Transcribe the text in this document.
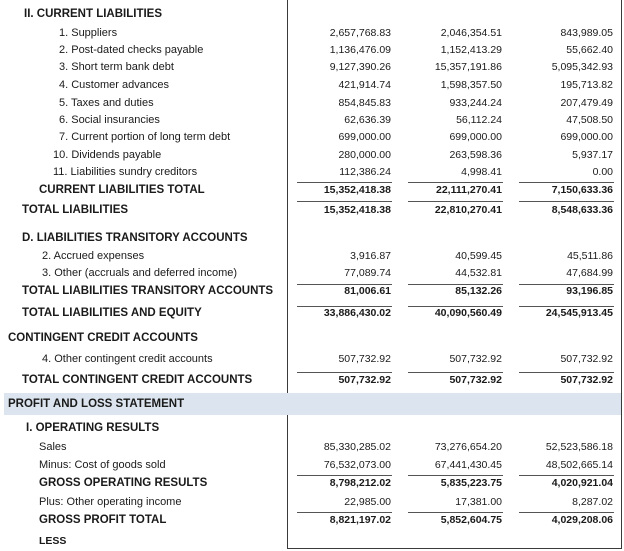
II. CURRENT LIABILITIES
1. Suppliers	2,657,768.83	2,046,354.51	843,989.05
2. Post-dated checks payable	1,136,476.09	1,152,413.29	55,662.40
3. Short term bank debt	9,127,390.26	15,357,191.86	5,095,342.93
4. Customer advances	421,914.74	1,598,357.50	195,713.82
5. Taxes and duties	854,845.83	933,244.24	207,479.49
6. Social insurancies	62,636.39	56,112.24	47,508.50
7. Current portion of long term debt	699,000.00	699,000.00	699,000.00
10. Dividends payable	280,000.00	263,598.36	5,937.17
11. Liabilities sundry creditors	112,386.24	4,998.41	0.00
CURRENT LIABILITIES TOTAL	15,352,418.38	22,111,270.41	7,150,633.36
TOTAL LIABILITIES	15,352,418.38	22,810,270.41	8,548,633.36
D. LIABILITIES TRANSITORY ACCOUNTS
2. Accrued expenses	3,916.87	40,599.45	45,511.86
3. Other (accruals and deferred income)	77,089.74	44,532.81	47,684.99
TOTAL LIABILITIES TRANSITORY ACCOUNTS	81,006.61	85,132.26	93,196.85
TOTAL LIABILITIES AND EQUITY	33,886,430.02	40,090,560.49	24,545,913.45
CONTINGENT CREDIT ACCOUNTS
4. Other contingent credit accounts	507,732.92	507,732.92	507,732.92
TOTAL CONTINGENT CREDIT ACCOUNTS	507,732.92	507,732.92	507,732.92
PROFIT AND LOSS STATEMENT
I. OPERATING RESULTS
Sales	85,330,285.02	73,276,654.20	52,523,586.18
Minus: Cost of goods sold	76,532,073.00	67,441,430.45	48,502,665.14
GROSS OPERATING RESULTS	8,798,212.02	5,835,223.75	4,020,921.04
Plus: Other operating income	22,985.00	17,381.00	8,287.02
GROSS PROFIT TOTAL	8,821,197.02	5,852,604.75	4,029,208.06
LESS
